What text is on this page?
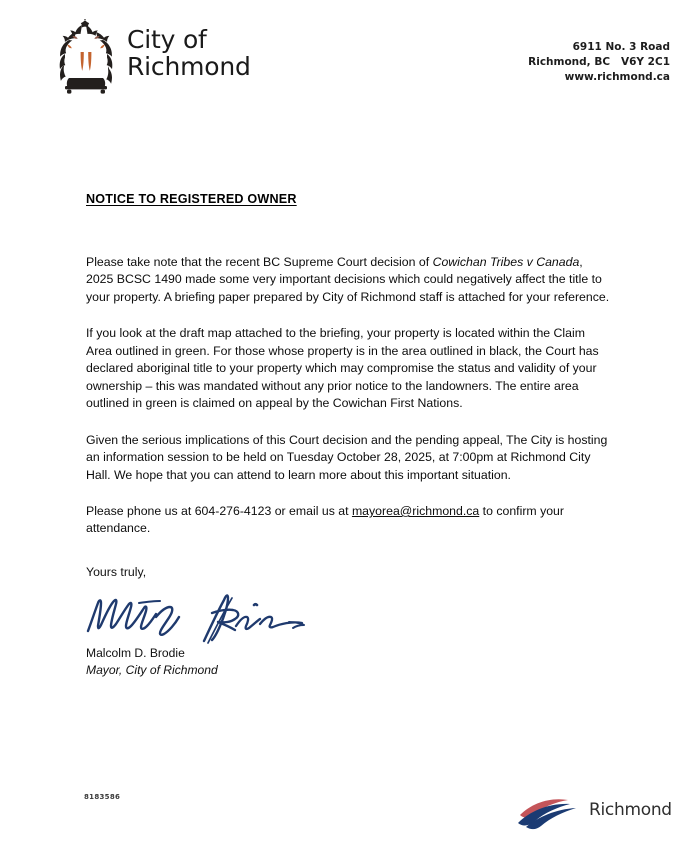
City of
Richmond
6911 No. 3 Road
Richmond, BC   V6Y 2C1
www.richmond.ca
NOTICE TO REGISTERED OWNER

Please take note that the recent BC Supreme Court decision of Cowichan Tribes v Canada, 2025 BCSC 1490 made some very important decisions which could negatively affect the title to your property. A briefing paper prepared by City of Richmond staff is attached for your reference.

If you look at the draft map attached to the briefing, your property is located within the Claim Area outlined in green. For those whose property is in the area outlined in black, the Court has declared aboriginal title to your property which may compromise the status and validity of your ownership – this was mandated without any prior notice to the landowners. The entire area outlined in green is claimed on appeal by the Cowichan First Nations.

Given the serious implications of this Court decision and the pending appeal, The City is hosting an information session to be held on Tuesday October 28, 2025, at 7:00pm at Richmond City Hall. We hope that you can attend to learn more about this important situation.

Please phone us at 604-276-4123 or email us at mayorea@richmond.ca to confirm your attendance.

Yours truly,

Malcolm D. Brodie
Mayor, City of Richmond

8183586
Richmond
